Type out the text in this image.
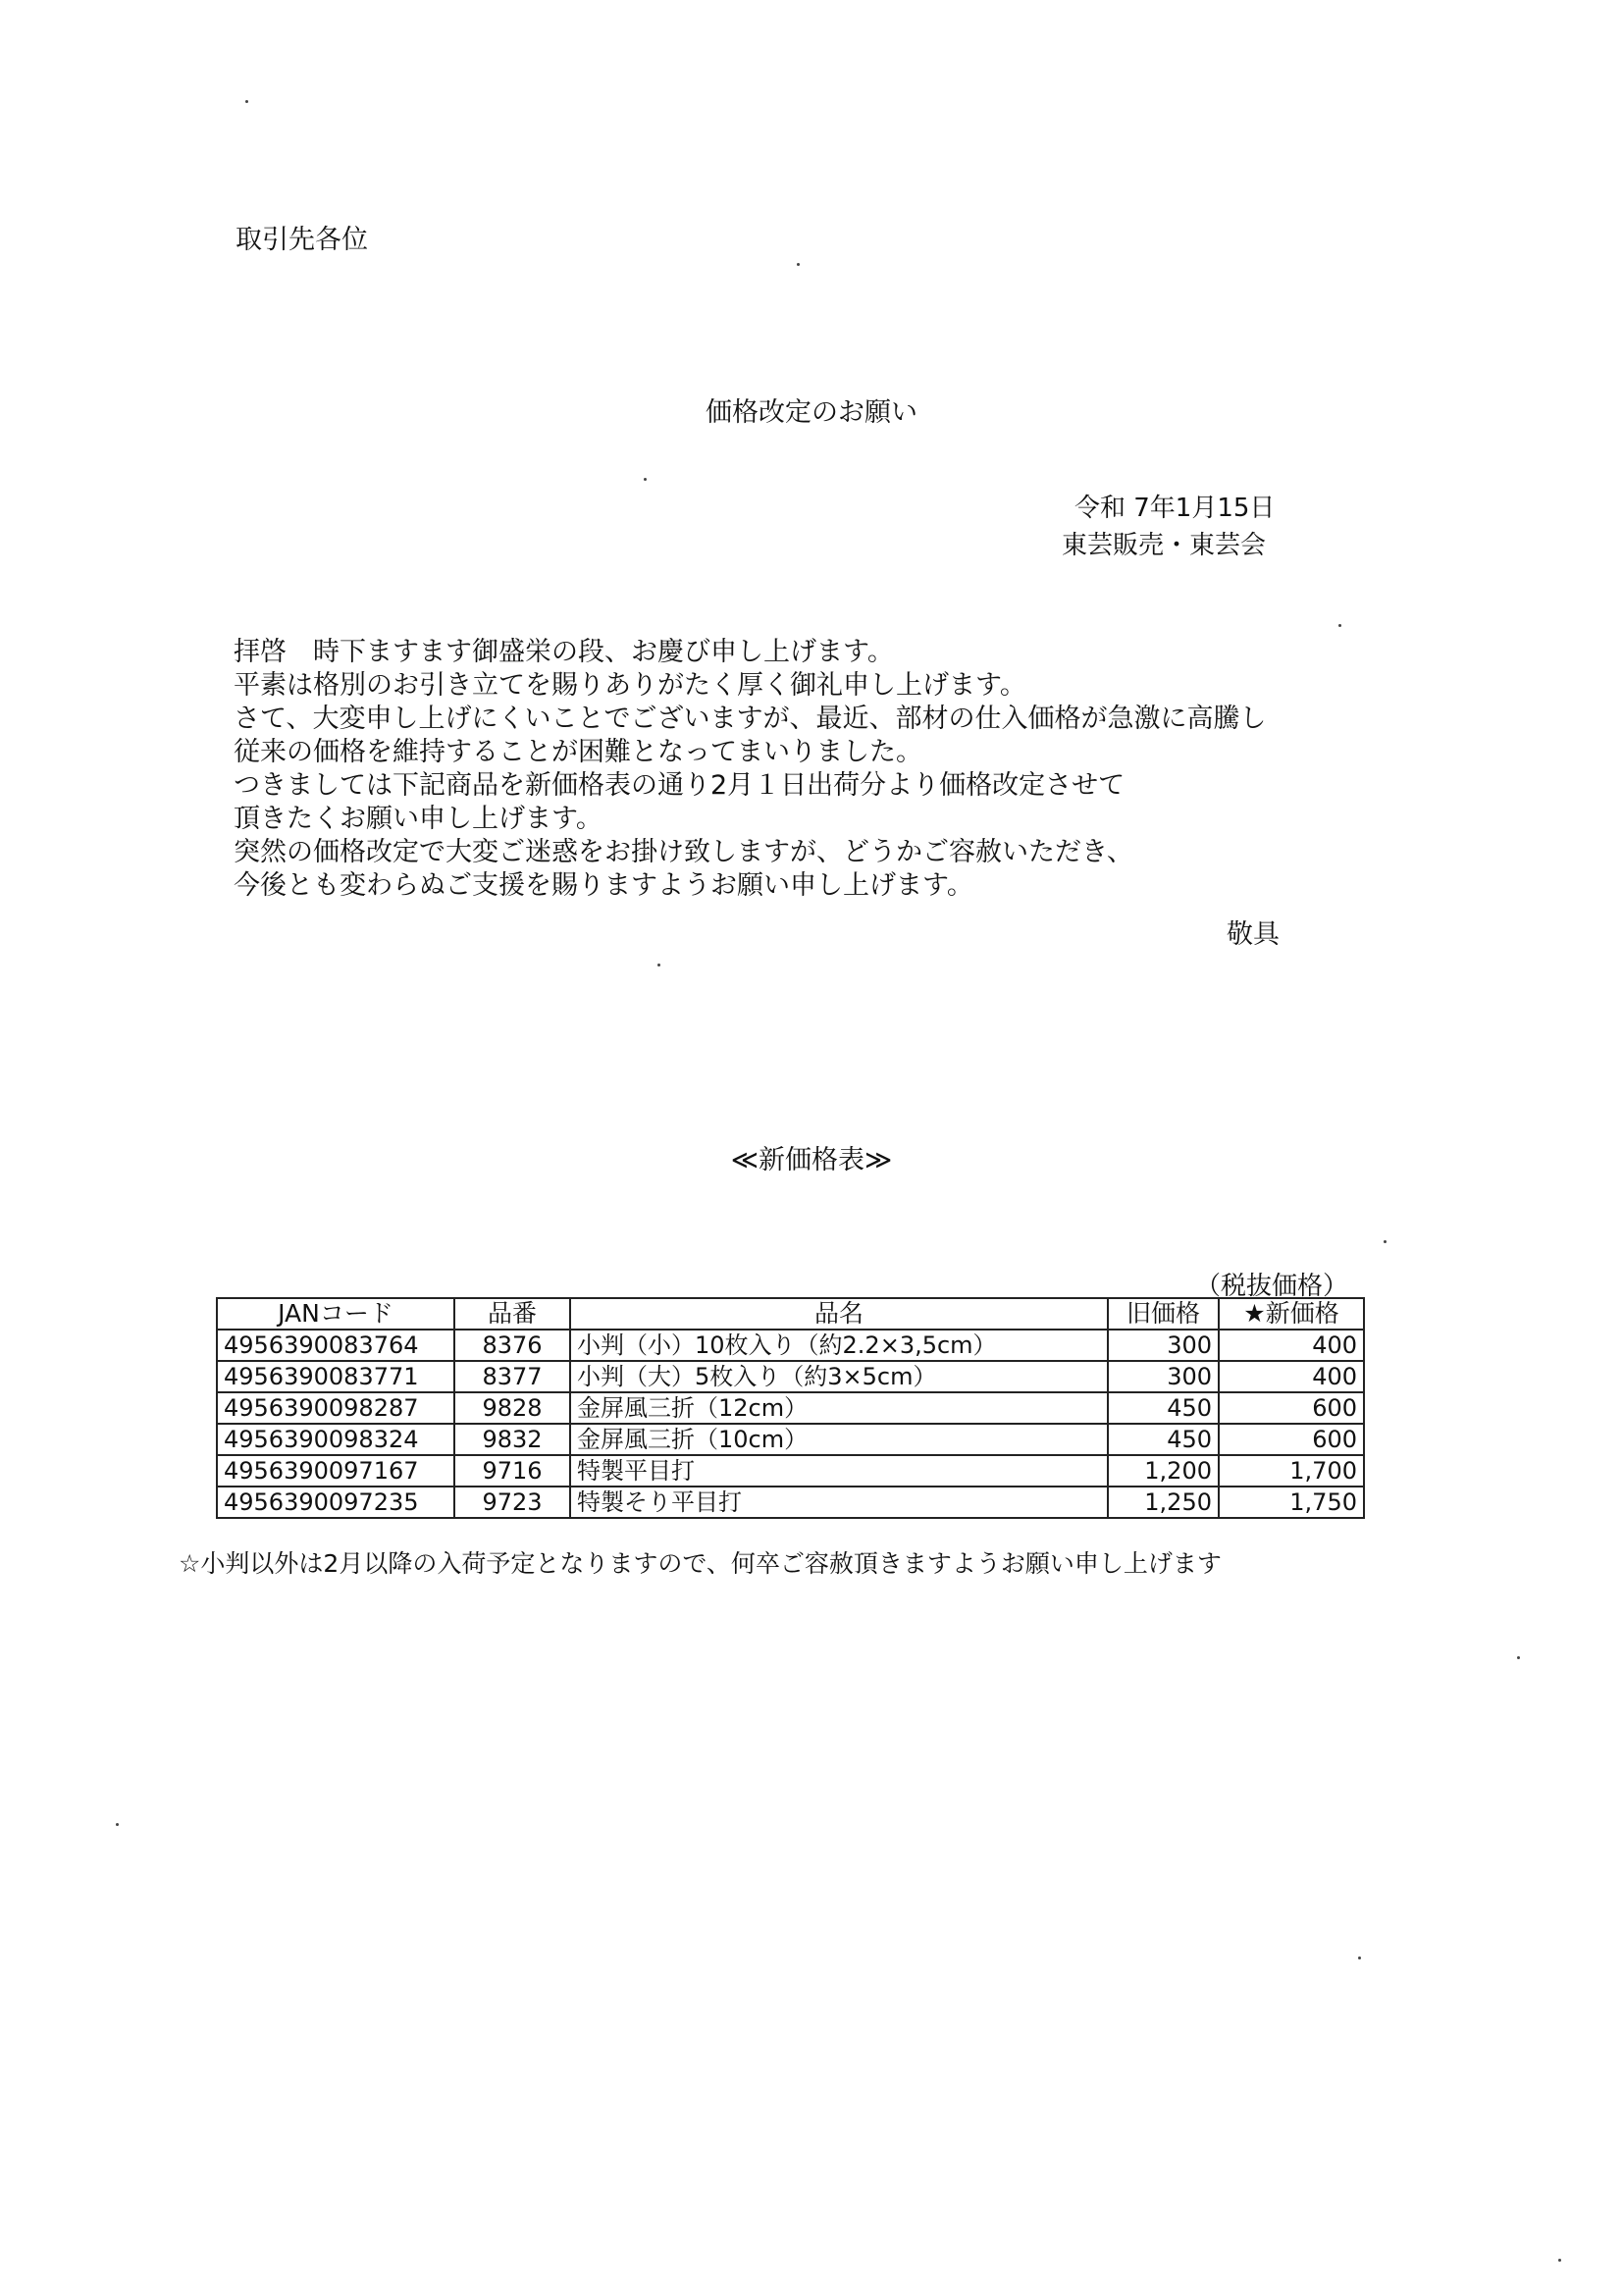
取引先各位
価格改定のお願い
令和 7年1月15日
東芸販売・東芸会
拝啓　時下ますます御盛栄の段、お慶び申し上げます。
平素は格別のお引き立てを賜りありがたく厚く御礼申し上げます。
さて、大変申し上げにくいことでございますが、最近、部材の仕入価格が急激に高騰し
従来の価格を維持することが困難となってまいりました。
つきましては下記商品を新価格表の通り2月１日出荷分より価格改定させて
頂きたくお願い申し上げます。
突然の価格改定で大変ご迷惑をお掛け致しますが、どうかご容赦いただき、
今後とも変わらぬご支援を賜りますようお願い申し上げます。
敬具
≪新価格表≫
（税抜価格）
JANコード	品番	品名	旧価格	★新価格
4956390083764	8376	小判（小）10枚入り（約2.2×3,5cm）	300	400
4956390083771	8377	小判（大）5枚入り（約3×5cm）	300	400
4956390098287	9828	金屏風三折（12cm）	450	600
4956390098324	9832	金屏風三折（10cm）	450	600
4956390097167	9716	特製平目打	1,200	1,700
4956390097235	9723	特製そり平目打	1,250	1,750
☆小判以外は2月以降の入荷予定となりますので、何卒ご容赦頂きますようお願い申し上げます
